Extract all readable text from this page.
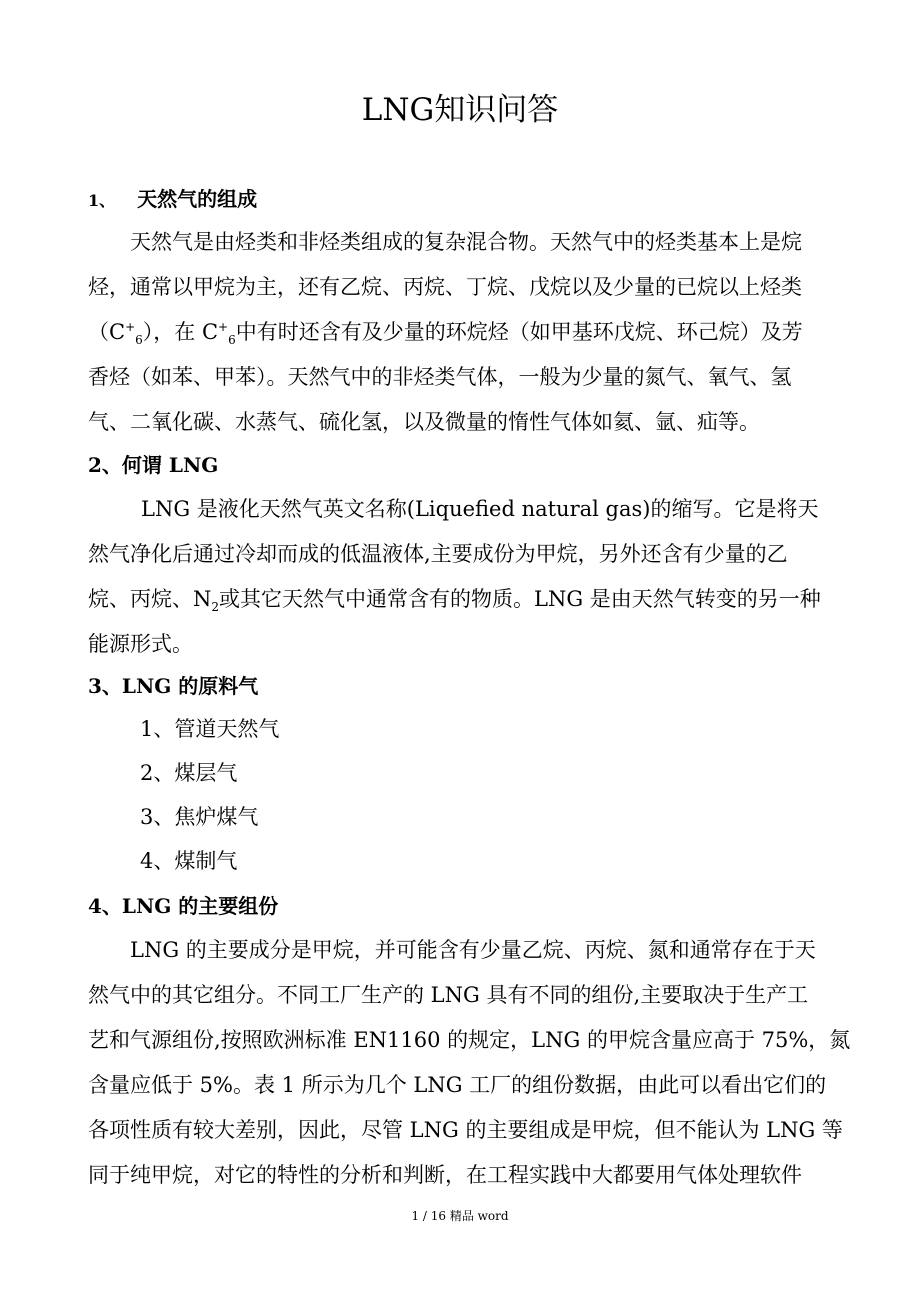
LNG知识问答
1、 天然气的组成

天然气是由烃类和非烃类组成的复杂混合物。天然气中的烃类基本上是烷

烃，通常以甲烷为主，还有乙烷、丙烷、丁烷、戊烷以及少量的已烷以上烃类

$(C^+_6)$，在 $C^+_6$中有时还含有及少量的环烷烃（如甲基环戊烷、环己烷）及芳

香烃（如苯、甲苯）。天然气中的非烃类气体，一般为少量的氮气、氧气、氢

气、二氧化碳、水蒸气、硫化氢，以及微量的惰性气体如氦、氩、疝等。

2、何谓 LNG

LNG 是液化天然气英文名称(Liquefied natural gas)的缩写。它是将天

然气净化后通过冷却而成的低温液体,主要成份为甲烷，另外还含有少量的乙

烷、丙烷、$N_2$或其它天然气中通常含有的物质。LNG 是由天然气转变的另一种

能源形式。

3、LNG 的原料气

1、管道天然气

2、煤层气

3、焦炉煤气

4、煤制气

4、LNG 的主要组份

LNG 的主要成分是甲烷，并可能含有少量乙烷、丙烷、氮和通常存在于天

然气中的其它组分。不同工厂生产的 LNG 具有不同的组份,主要取决于生产工

艺和气源组份,按照欧洲标准 EN1160 的规定，LNG 的甲烷含量应高于 75%，氮

含量应低于 5%。表 1 所示为几个 LNG 工厂的组份数据，由此可以看出它们的

各项性质有较大差别，因此，尽管 LNG 的主要组成是甲烷，但不能认为 LNG 等

同于纯甲烷，对它的特性的分析和判断，在工程实践中大都要用气体处理软件

1 / 16 精品 word
